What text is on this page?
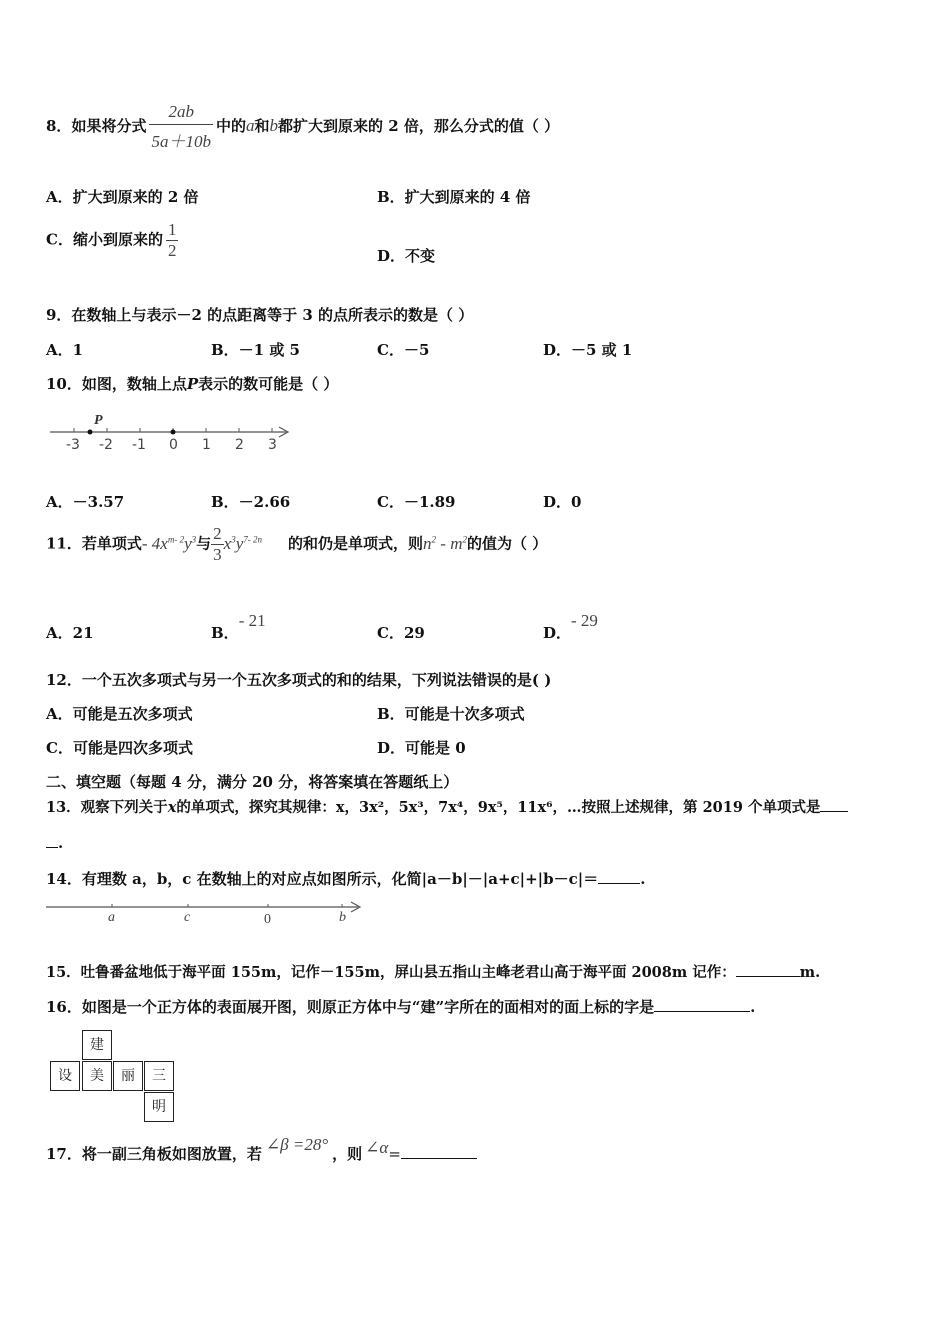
8．如果将分式 $\frac{2ab}{5a+10b}$ 中的a和b都扩大到原来的 2 倍，那么分式的值（ ）
A．扩大到原来的 2 倍	B．扩大到原来的 4 倍
C．缩小到原来的 $\frac{1}{2}$	D．不变
9．在数轴上与表示－2 的点距离等于 3 的点所表示的数是（ ）
A．1	B．－1 或 5	C．－5	D．－5 或 1
10．如图，数轴上点P表示的数可能是（ ）
P
-3 -2 -1 0 1 2 3
A．－3.57	B．－2.66	C．－1.89	D．0
11．若单项式- $4x^{m- 2}y^3$与 $\frac{2}{3} x^3y^{7- 2n}$ 的和仍是单项式，则$n^2 - m^2$的值为（ ）
A．21	B．- 21
C．29	D．- 29
12．一个五次多项式与另一个五次多项式的和的结果，下列说法错误的是( )
A．可能是五次多项式	B．可能是十次多项式
C．可能是四次多项式	D．可能是 0
二、填空题（每题 4 分，满分 20 分，将答案填在答题纸上）
13．观察下列关于x的单项式，探究其规律：x，3x²，5x³，7x⁴，9x⁵，11x⁶，…按照上述规律，第 2019 个单项式是
.
14．有理数 a，b，c 在数轴上的对应点如图所示，化简|a－b|－|a+c|+|b－c|＝	.
a	c	0	b
15．吐鲁番盆地低于海平面 155m，记作－155m，屏山县五指山主峰老君山高于海平面 2008m 记作：	m.
16．如图是一个正方体的表面展开图，则原正方体中与“建”字所在的面相对的面上标的字是	.
建
设	美	丽	三
明
17．将一副三角板如图放置，若 ∠β =28° ，则 ∠α=
